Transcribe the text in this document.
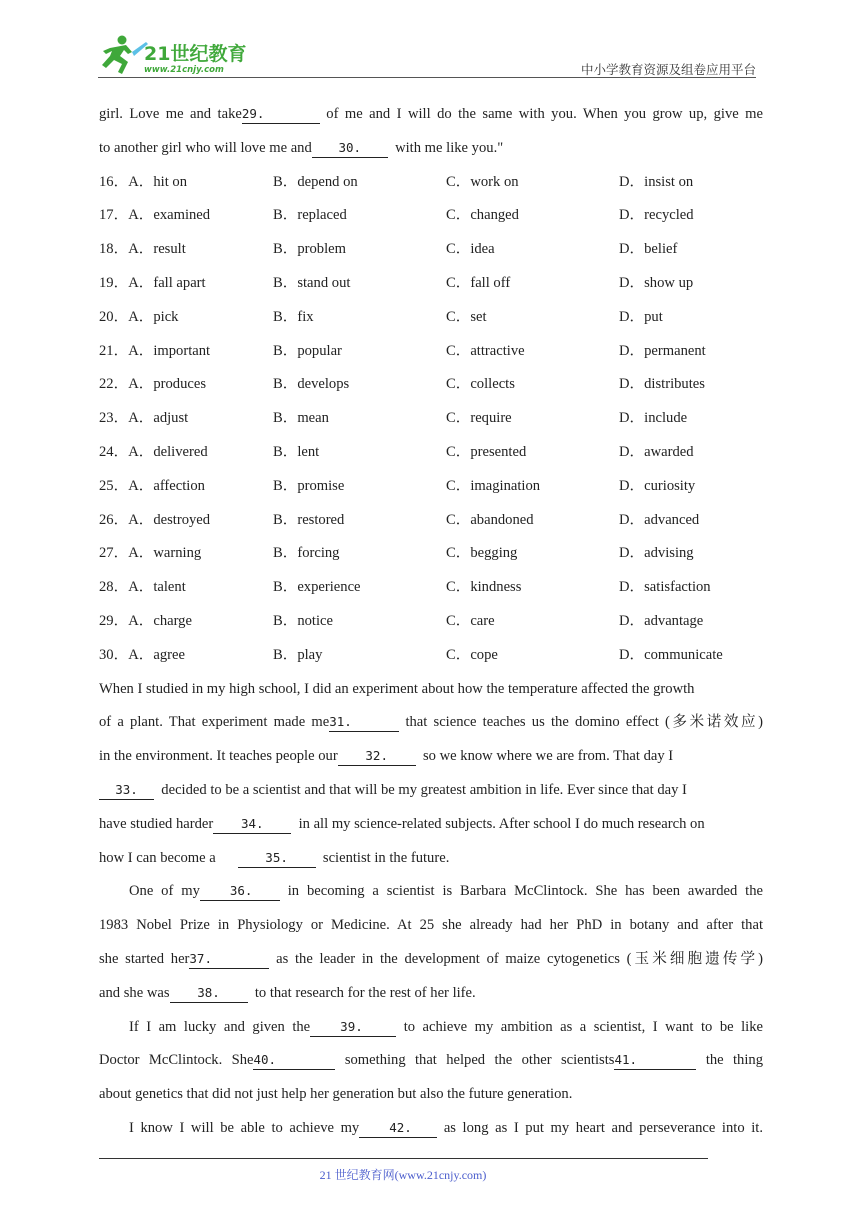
21世纪教育
www.21cnjy.com	中小学教育资源及组卷应用平台
girl. Love me and take29.	of me and I will do the same with you. When you grow up, give me
to another girl who will love me and 30. with me like you."
16．A．hit on	B．depend on	C．work on	D．insist on
17．A．examined	B．replaced	C．changed	D．recycled
18．A．result	B．problem	C．idea	D．belief
19．A．fall apart	B．stand out	C．fall off	D．show up
20．A．pick	B．fix	C．set	D．put
21．A．important	B．popular	C．attractive	D．permanent
22．A．produces	B．develops	C．collects	D．distributes
23．A．adjust	B．mean	C．require	D．include
24．A．delivered	B．lent	C．presented	D．awarded
25．A．affection	B．promise	C．imagination	D．curiosity
26．A．destroyed	B．restored	C．abandoned	D．advanced
27．A．warning	B．forcing	C．begging	D．advising
28．A．talent	B．experience	C．kindness	D．satisfaction
29．A．charge	B．notice	C．care	D．advantage
30．A．agree	B．play	C．cope	D．communicate
When I studied in my high school, I did an experiment about how the temperature affected the growth
of a plant. That experiment made me31.	that science teaches us the domino effect (多米诺效应)
in the environment. It teaches people our 32. so we know where we are from. That day I
33. decided to be a scientist and that will be my greatest ambition in life. Ever since that day I
have studied harder 34. in all my science-related subjects. After school I do much research on
how I can become a	35. scientist in the future.
One of my 36. in becoming a scientist is Barbara McClintock. She has been awarded the
1983 Nobel Prize in Physiology or Medicine. At 25 she already had her PhD in botany and after that
she started her37.	as the leader in the development of maize cytogenetics (玉米细胞遗传学)
and she was 38. to that research for the rest of her life.
If I am lucky and given the 39.	to achieve my ambition as a scientist, I want to be like
Doctor McClintock. She40.	something that helped the other scientists41.	the thing
about genetics that did not just help her generation but also the future generation.
I know I will be able to achieve my 42. as long as I put my heart and perseverance into it.
21 世纪教育网(www.21cnjy.com)
